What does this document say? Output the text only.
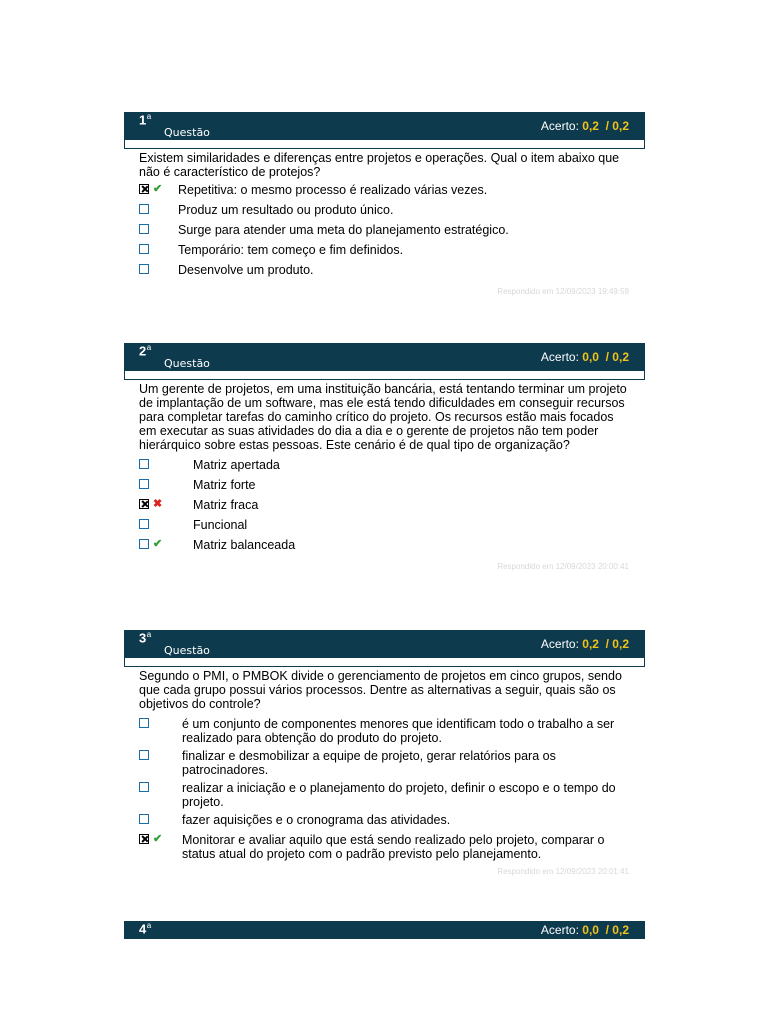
1$^a$
Questão	Acerto: 0,2 / 0,2
Existem similaridades e diferenças entre projetos e operações. Qual o item abaixo que não é característico de protejos?
✔ Repetitiva: o mesmo processo é realizado várias vezes.
Produz um resultado ou produto único.
Surge para atender uma meta do planejamento estratégico.
Temporário: tem começo e fim definidos.
Desenvolve um produto.
Respondido em 12/09/2023 19:49:59
2$^a$
Questão	Acerto: 0,0 / 0,2
Um gerente de projetos, em uma instituição bancária, está tentando terminar um projeto de implantação de um software, mas ele está tendo dificuldades em conseguir recursos para completar tarefas do caminho crítico do projeto. Os recursos estão mais focados em executar as suas atividades do dia a dia e o gerente de projetos não tem poder hierárquico sobre estas pessoas. Este cenário é de qual tipo de organização?
Matriz apertada
Matriz forte
✖ Matriz fraca
Funcional
✔ Matriz balanceada
Respondido em 12/09/2023 20:00:41
3$^a$
Questão	Acerto: 0,2 / 0,2
Segundo o PMI, o PMBOK divide o gerenciamento de projetos em cinco grupos, sendo que cada grupo possui vários processos. Dentre as alternativas a seguir, quais são os objetivos do controle?
é um conjunto de componentes menores que identificam todo o trabalho a ser realizado para obtenção do produto do projeto.
finalizar e desmobilizar a equipe de projeto, gerar relatórios para os patrocinadores.
realizar a iniciação e o planejamento do projeto, definir o escopo e o tempo do projeto.
fazer aquisições e o cronograma das atividades.
✔ Monitorar e avaliar aquilo que está sendo realizado pelo projeto, comparar o status atual do projeto com o padrão previsto pelo planejamento.
Respondido em 12/09/2023 20:01:41
4$^a$	Acerto: 0,0 / 0,2
